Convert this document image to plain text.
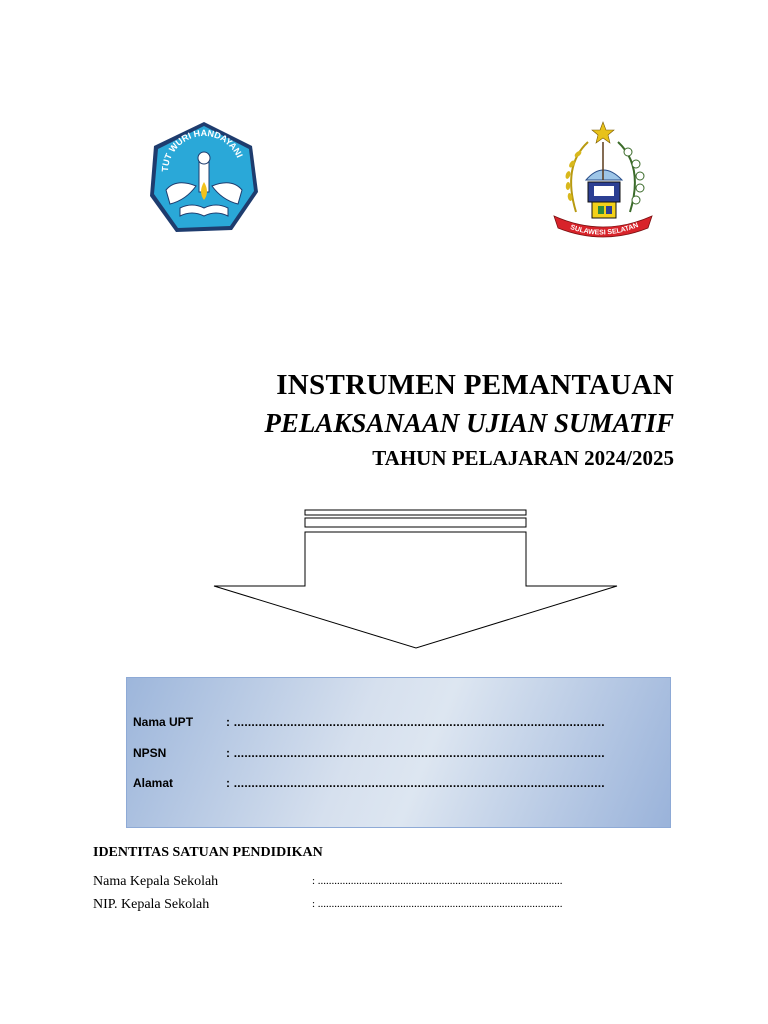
TUT WURI HANDAYANI
SULAWESI SELATAN
INSTRUMEN PEMANTAUAN
PELAKSANAAN UJIAN SUMATIF
TAHUN PELAJARAN 2024/2025
Nama UPT	: .........................................................................................................
NPSN	: .........................................................................................................
Alamat	: .........................................................................................................
IDENTITAS SATUAN PENDIDIKAN
Nama Kepala Sekolah	: .........................................................................................
NIP. Kepala Sekolah	: .........................................................................................
